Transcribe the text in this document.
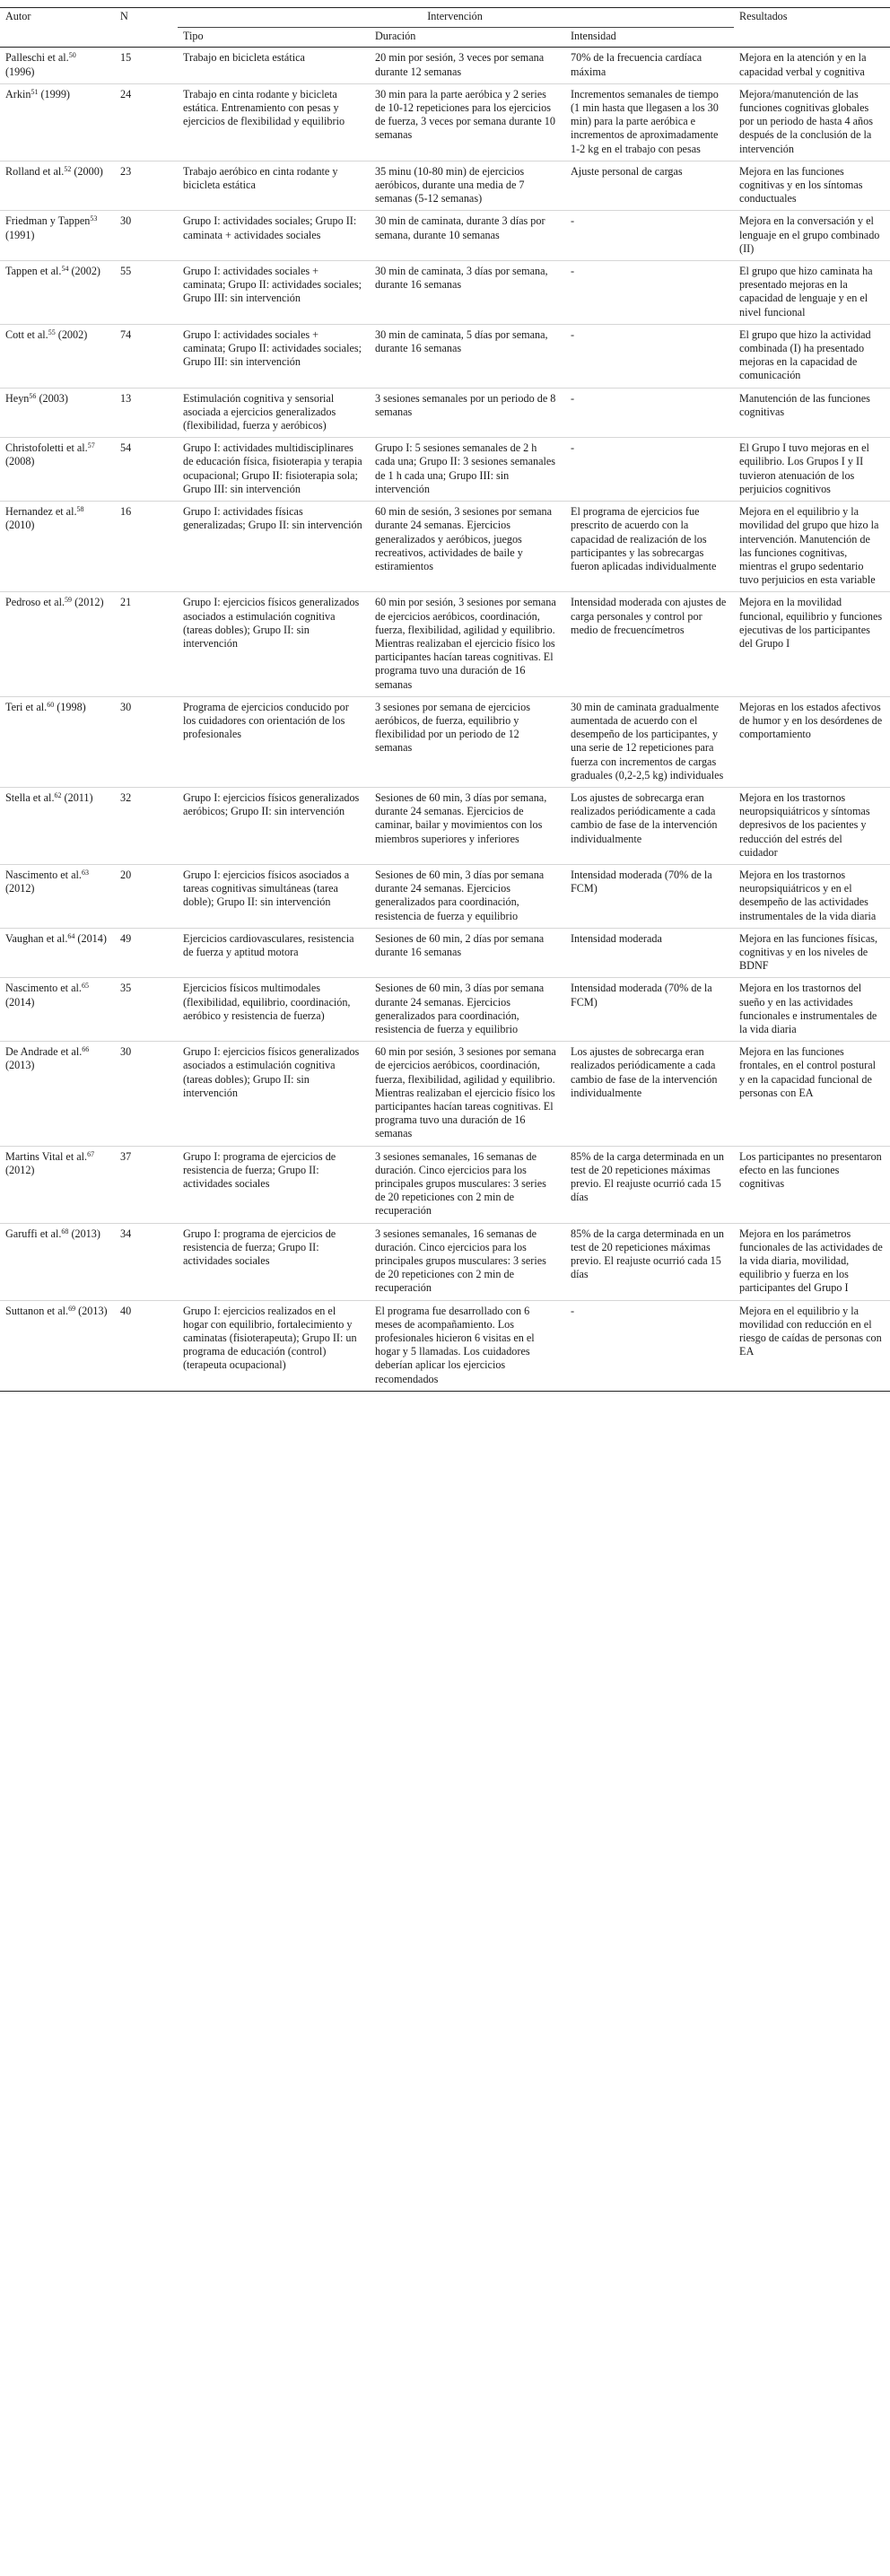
Autor	N	Intervención			Resultados
		Tipo	Duración	Intensidad	
Palleschi et al.$^{50}$ (1996)	15	Trabajo en bicicleta estática	20 min por sesión, 3 veces por semana durante 12 semanas	70% de la frecuencia cardíaca máxima	Mejora en la atención y en la capacidad verbal y cognitiva
Arkin$^{51}$ (1999)	24	Trabajo en cinta rodante y bicicleta estática. Entrenamiento con pesas y ejercicios de flexibilidad y equilibrio	30 min para la parte aeróbica y 2 series de 10-12 repeticiones para los ejercicios de fuerza, 3 veces por semana durante 10 semanas	Incrementos semanales de tiempo (1 min hasta que llegasen a los 30 min) para la parte aeróbica e incrementos de aproximadamente 1-2 kg en el trabajo con pesas	Mejora/manutención de las funciones cognitivas globales por un periodo de hasta 4 años después de la conclusión de la intervención
Rolland et al.$^{52}$ (2000)	23	Trabajo aeróbico en cinta rodante y bicicleta estática	35 minu (10-80 min) de ejercicios aeróbicos, durante una media de 7 semanas (5-12 semanas)	Ajuste personal de cargas	Mejora en las funciones cognitivas y en los síntomas conductuales
Friedman y Tappen$^{53}$ (1991)	30	Grupo I: actividades sociales; Grupo II: caminata + actividades sociales	30 min de caminata, durante 3 días por semana, durante 10 semanas	-	Mejora en la conversación y el lenguaje en el grupo combinado (II)
Tappen et al.$^{54}$ (2002)	55	Grupo I: actividades sociales + caminata; Grupo II: actividades sociales; Grupo III: sin intervención	30 min de caminata, 3 días por semana, durante 16 semanas	-	El grupo que hizo caminata ha presentado mejoras en la capacidad de lenguaje y en el nivel funcional
Cott et al.$^{55}$ (2002)	74	Grupo I: actividades sociales + caminata; Grupo II: actividades sociales; Grupo III: sin intervención	30 min de caminata, 5 días por semana, durante 16 semanas	-	El grupo que hizo la actividad combinada (I) ha presentado mejoras en la capacidad de comunicación
Heyn$^{56}$ (2003)	13	Estimulación cognitiva y sensorial asociada a ejercicios generalizados (flexibilidad, fuerza y aeróbicos)	3 sesiones semanales por un periodo de 8 semanas	-	Manutención de las funciones cognitivas
Christofoletti et al.$^{57}$ (2008)	54	Grupo I: actividades multidisciplinares de educación física, fisioterapia y terapia ocupacional; Grupo II: fisioterapia sola; Grupo III: sin intervención	Grupo I: 5 sesiones semanales de 2 h cada una; Grupo II: 3 sesiones semanales de 1 h cada una; Grupo III: sin intervención	-	El Grupo I tuvo mejoras en el equilibrio. Los Grupos I y II tuvieron atenuación de los perjuicios cognitivos
Hernandez et al.$^{58}$ (2010)	16	Grupo I: actividades físicas generalizadas; Grupo II: sin intervención	60 min de sesión, 3 sesiones por semana durante 24 semanas. Ejercicios generalizados y aeróbicos, juegos recreativos, actividades de baile y estiramientos	El programa de ejercicios fue prescrito de acuerdo con la capacidad de realización de los participantes y las sobrecargas fueron aplicadas individualmente	Mejora en el equilibrio y la movilidad del grupo que hizo la intervención. Manutención de las funciones cognitivas, mientras el grupo sedentario tuvo perjuicios en esta variable
Pedroso et al.$^{59}$ (2012)	21	Grupo I: ejercicios físicos generalizados asociados a estimulación cognitiva (tareas dobles); Grupo II: sin intervención	60 min por sesión, 3 sesiones por semana de ejercicios aeróbicos, coordinación, fuerza, flexibilidad, agilidad y equilibrio. Mientras realizaban el ejercicio físico los participantes hacían tareas cognitivas. El programa tuvo una duración de 16 semanas	Intensidad moderada con ajustes de carga personales y control por medio de frecuencímetros	Mejora en la movilidad funcional, equilibrio y funciones ejecutivas de los participantes del Grupo I
Teri et al.$^{60}$ (1998)	30	Programa de ejercicios conducido por los cuidadores con orientación de los profesionales	3 sesiones por semana de ejercicios aeróbicos, de fuerza, equilibrio y flexibilidad por un periodo de 12 semanas	30 min de caminata gradualmente aumentada de acuerdo con el desempeño de los participantes, y una serie de 12 repeticiones para fuerza con incrementos de cargas graduales (0,2-2,5 kg) individuales	Mejoras en los estados afectivos de humor y en los desórdenes de comportamiento
Stella et al.$^{62}$ (2011)	32	Grupo I: ejercicios físicos generalizados aeróbicos; Grupo II: sin intervención	Sesiones de 60 min, 3 días por semana, durante 24 semanas. Ejercicios de caminar, bailar y movimientos con los miembros superiores y inferiores	Los ajustes de sobrecarga eran realizados periódicamente a cada cambio de fase de la intervención individualmente	Mejora en los trastornos neuropsiquiátricos y síntomas depresivos de los pacientes y reducción del estrés del cuidador
Nascimento et al.$^{63}$ (2012)	20	Grupo I: ejercicios físicos asociados a tareas cognitivas simultáneas (tarea doble); Grupo II: sin intervención	Sesiones de 60 min, 3 días por semana durante 24 semanas. Ejercicios generalizados para coordinación, resistencia de fuerza y equilibrio	Intensidad moderada (70% de la FCM)	Mejora en los trastornos neuropsiquiátricos y en el desempeño de las actividades instrumentales de la vida diaria
Vaughan et al.$^{64}$ (2014)	49	Ejercicios cardiovasculares, resistencia de fuerza y aptitud motora	Sesiones de 60 min, 2 días por semana durante 16 semanas	Intensidad moderada	Mejora en las funciones físicas, cognitivas y en los niveles de BDNF
Nascimento et al.$^{65}$ (2014)	35	Ejercicios físicos multimodales (flexibilidad, equilibrio, coordinación, aeróbico y resistencia de fuerza)	Sesiones de 60 min, 3 días por semana durante 24 semanas. Ejercicios generalizados para coordinación, resistencia de fuerza y equilibrio	Intensidad moderada (70% de la FCM)	Mejora en los trastornos del sueño y en las actividades funcionales e instrumentales de la vida diaria
De Andrade et al.$^{66}$ (2013)	30	Grupo I: ejercicios físicos generalizados asociados a estimulación cognitiva (tareas dobles); Grupo II: sin intervención	60 min por sesión, 3 sesiones por semana de ejercicios aeróbicos, coordinación, fuerza, flexibilidad, agilidad y equilibrio. Mientras realizaban el ejercicio físico los participantes hacían tareas cognitivas. El programa tuvo una duración de 16 semanas	Los ajustes de sobrecarga eran realizados periódicamente a cada cambio de fase de la intervención individualmente	Mejora en las funciones frontales, en el control postural y en la capacidad funcional de personas con EA
Martins Vital et al.$^{67}$ (2012)	37	Grupo I: programa de ejercicios de resistencia de fuerza; Grupo II: actividades sociales	3 sesiones semanales, 16 semanas de duración. Cinco ejercicios para los principales grupos musculares: 3 series de 20 repeticiones con 2 min de recuperación	85% de la carga determinada en un test de 20 repeticiones máximas previo. El reajuste ocurrió cada 15 días	Los participantes no presentaron efecto en las funciones cognitivas
Garuffi et al.$^{68}$ (2013)	34	Grupo I: programa de ejercicios de resistencia de fuerza; Grupo II: actividades sociales	3 sesiones semanales, 16 semanas de duración. Cinco ejercicios para los principales grupos musculares: 3 series de 20 repeticiones con 2 min de recuperación	85% de la carga determinada en un test de 20 repeticiones máximas previo. El reajuste ocurrió cada 15 días	Mejora en los parámetros funcionales de las actividades de la vida diaria, movilidad, equilibrio y fuerza en los participantes del Grupo I
Suttanon et al.$^{69}$ (2013)	40	Grupo I: ejercicios realizados en el hogar con equilibrio, fortalecimiento y caminatas (fisioterapeuta); Grupo II: un programa de educación (control) (terapeuta ocupacional)	El programa fue desarrollado con 6 meses de acompañamiento. Los profesionales hicieron 6 visitas en el hogar y 5 llamadas. Los cuidadores deberían aplicar los ejercicios recomendados	-	Mejora en el equilibrio y la movilidad con reducción en el riesgo de caídas de personas con EA
